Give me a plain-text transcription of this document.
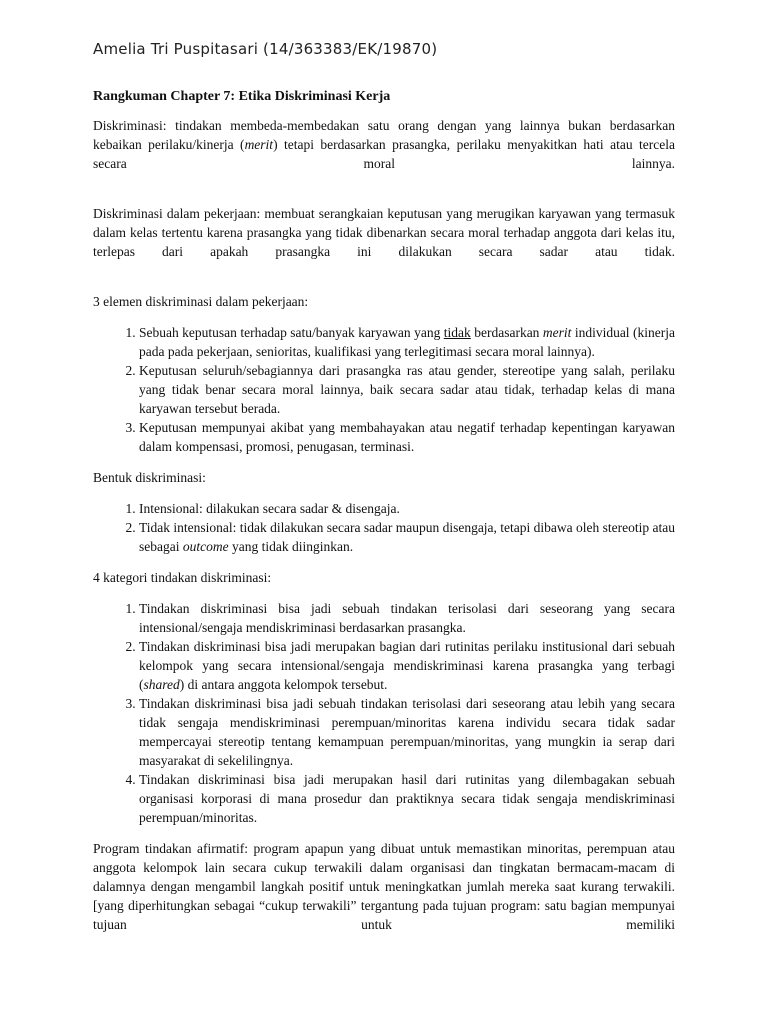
Amelia Tri Puspitasari (14/363383/EK/19870)
Rangkuman Chapter 7: Etika Diskriminasi Kerja

Diskriminasi: tindakan membeda-membedakan satu orang dengan yang lainnya bukan berdasarkan kebaikan perilaku/kinerja (merit) tetapi berdasarkan prasangka, perilaku menyakitkan hati atau tercela secara moral lainnya.

Diskriminasi dalam pekerjaan: membuat serangkaian keputusan yang merugikan karyawan yang termasuk dalam kelas tertentu karena prasangka yang tidak dibenarkan secara moral terhadap anggota dari kelas itu, terlepas dari apakah prasangka ini dilakukan secara sadar atau tidak.

3 elemen diskriminasi dalam pekerjaan:

1. Sebuah keputusan terhadap satu/banyak karyawan yang tidak berdasarkan merit individual (kinerja pada pada pekerjaan, senioritas, kualifikasi yang terlegitimasi secara moral lainnya).
2. Keputusan seluruh/sebagiannya dari prasangka ras atau gender, stereotipe yang salah, perilaku yang tidak benar secara moral lainnya, baik secara sadar atau tidak, terhadap kelas di mana karyawan tersebut berada.
3. Keputusan mempunyai akibat yang membahayakan atau negatif terhadap kepentingan karyawan dalam kompensasi, promosi, penugasan, terminasi.

Bentuk diskriminasi:

1. Intensional: dilakukan secara sadar & disengaja.
2. Tidak intensional: tidak dilakukan secara sadar maupun disengaja, tetapi dibawa oleh stereotip atau sebagai outcome yang tidak diinginkan.

4 kategori tindakan diskriminasi:

1. Tindakan diskriminasi bisa jadi sebuah tindakan terisolasi dari seseorang yang secara intensional/sengaja mendiskriminasi berdasarkan prasangka.
2. Tindakan diskriminasi bisa jadi merupakan bagian dari rutinitas perilaku institusional dari sebuah kelompok yang secara intensional/sengaja mendiskriminasi karena prasangka yang terbagi (shared) di antara anggota kelompok tersebut.
3. Tindakan diskriminasi bisa jadi sebuah tindakan terisolasi dari seseorang atau lebih yang secara tidak sengaja mendiskriminasi perempuan/minoritas karena individu secara tidak sadar mempercayai stereotip tentang kemampuan perempuan/minoritas, yang mungkin ia serap dari masyarakat di sekelilingnya.
4. Tindakan diskriminasi bisa jadi merupakan hasil dari rutinitas yang dilembagakan sebuah organisasi korporasi di mana prosedur dan praktiknya secara tidak sengaja mendiskriminasi perempuan/minoritas.

Program tindakan afirmatif: program apapun yang dibuat untuk memastikan minoritas, perempuan atau anggota kelompok lain secara cukup terwakili dalam organisasi dan tingkatan bermacam-macam di dalamnya dengan mengambil langkah positif untuk meningkatkan jumlah mereka saat kurang terwakili. [yang diperhitungkan sebagai “cukup terwakili” tergantung pada tujuan program: satu bagian mempunyai tujuan untuk memiliki
